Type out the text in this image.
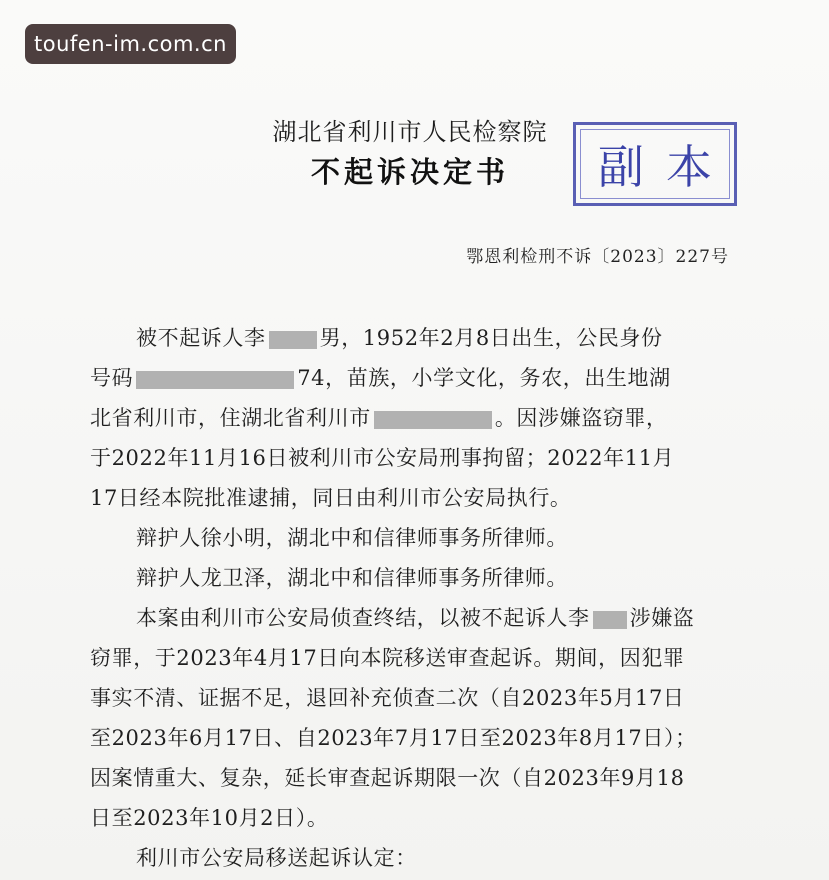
toufen-im.com.cn
湖北省利川市人民检察院
不起诉决定书	副本
鄂恩利检刑不诉〔2023〕227号
被不起诉人李	男，1952年2月8日出生，公民身份
号码	74，苗族，小学文化，务农，出生地湖
北省利川市，住湖北省利川市	。因涉嫌盗窃罪，
于2022年11月16日被利川市公安局刑事拘留；2022年11月
17日经本院批准逮捕，同日由利川市公安局执行。
辩护人徐小明，湖北中和信律师事务所律师。
辩护人龙卫泽，湖北中和信律师事务所律师。
本案由利川市公安局侦查终结，以被不起诉人李 涉嫌盗
窃罪，于2023年4月17日向本院移送审查起诉。期间，因犯罪
事实不清、证据不足，退回补充侦查二次（自2023年5月17日
至2023年6月17日、自2023年7月17日至2023年8月17日）；
因案情重大、复杂，延长审查起诉期限一次（自2023年9月18
日至2023年10月2日）。
利川市公安局移送起诉认定：
